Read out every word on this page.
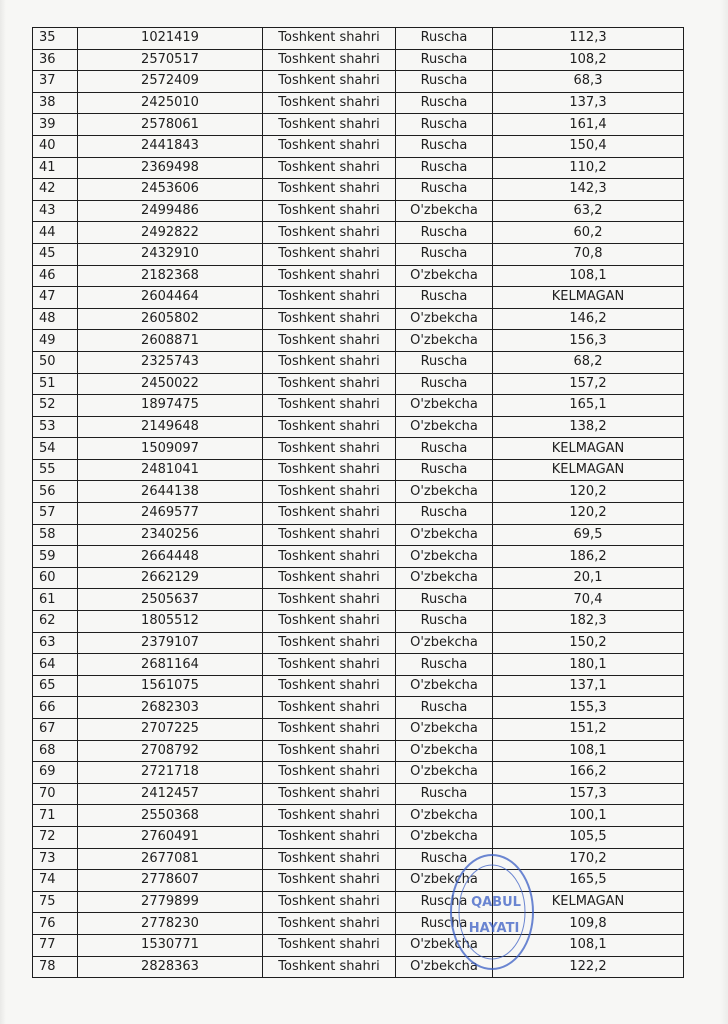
35	1021419	Toshkent shahri	Ruscha	112,3
36	2570517	Toshkent shahri	Ruscha	108,2
37	2572409	Toshkent shahri	Ruscha	68,3
38	2425010	Toshkent shahri	Ruscha	137,3
39	2578061	Toshkent shahri	Ruscha	161,4
40	2441843	Toshkent shahri	Ruscha	150,4
41	2369498	Toshkent shahri	Ruscha	110,2
42	2453606	Toshkent shahri	Ruscha	142,3
43	2499486	Toshkent shahri	O'zbekcha	63,2
44	2492822	Toshkent shahri	Ruscha	60,2
45	2432910	Toshkent shahri	Ruscha	70,8
46	2182368	Toshkent shahri	O'zbekcha	108,1
47	2604464	Toshkent shahri	Ruscha	KELMAGAN
48	2605802	Toshkent shahri	O'zbekcha	146,2
49	2608871	Toshkent shahri	O'zbekcha	156,3
50	2325743	Toshkent shahri	Ruscha	68,2
51	2450022	Toshkent shahri	Ruscha	157,2
52	1897475	Toshkent shahri	O'zbekcha	165,1
53	2149648	Toshkent shahri	O'zbekcha	138,2
54	1509097	Toshkent shahri	Ruscha	KELMAGAN
55	2481041	Toshkent shahri	Ruscha	KELMAGAN
56	2644138	Toshkent shahri	O'zbekcha	120,2
57	2469577	Toshkent shahri	Ruscha	120,2
58	2340256	Toshkent shahri	O'zbekcha	69,5
59	2664448	Toshkent shahri	O'zbekcha	186,2
60	2662129	Toshkent shahri	O'zbekcha	20,1
61	2505637	Toshkent shahri	Ruscha	70,4
62	1805512	Toshkent shahri	Ruscha	182,3
63	2379107	Toshkent shahri	O'zbekcha	150,2
64	2681164	Toshkent shahri	Ruscha	180,1
65	1561075	Toshkent shahri	O'zbekcha	137,1
66	2682303	Toshkent shahri	Ruscha	155,3
67	2707225	Toshkent shahri	O'zbekcha	151,2
68	2708792	Toshkent shahri	O'zbekcha	108,1
69	2721718	Toshkent shahri	O'zbekcha	166,2
70	2412457	Toshkent shahri	Ruscha	157,3
71	2550368	Toshkent shahri	O'zbekcha	100,1
72	2760491	Toshkent shahri	O'zbekcha	105,5
73	2677081	Toshkent shahri	Ruscha	170,2
74	2778607	Toshkent shahri	O'zbekcha	165,5
75	2779899	Toshkent shahri	Ruscha	KELMAGAN
76	2778230	Toshkent shahri	Ruscha	109,8
77	1530771	Toshkent shahri	O'zbekcha	108,1
78	2828363	Toshkent shahri	O'zbekcha	122,2
QABUL
HAYATI
